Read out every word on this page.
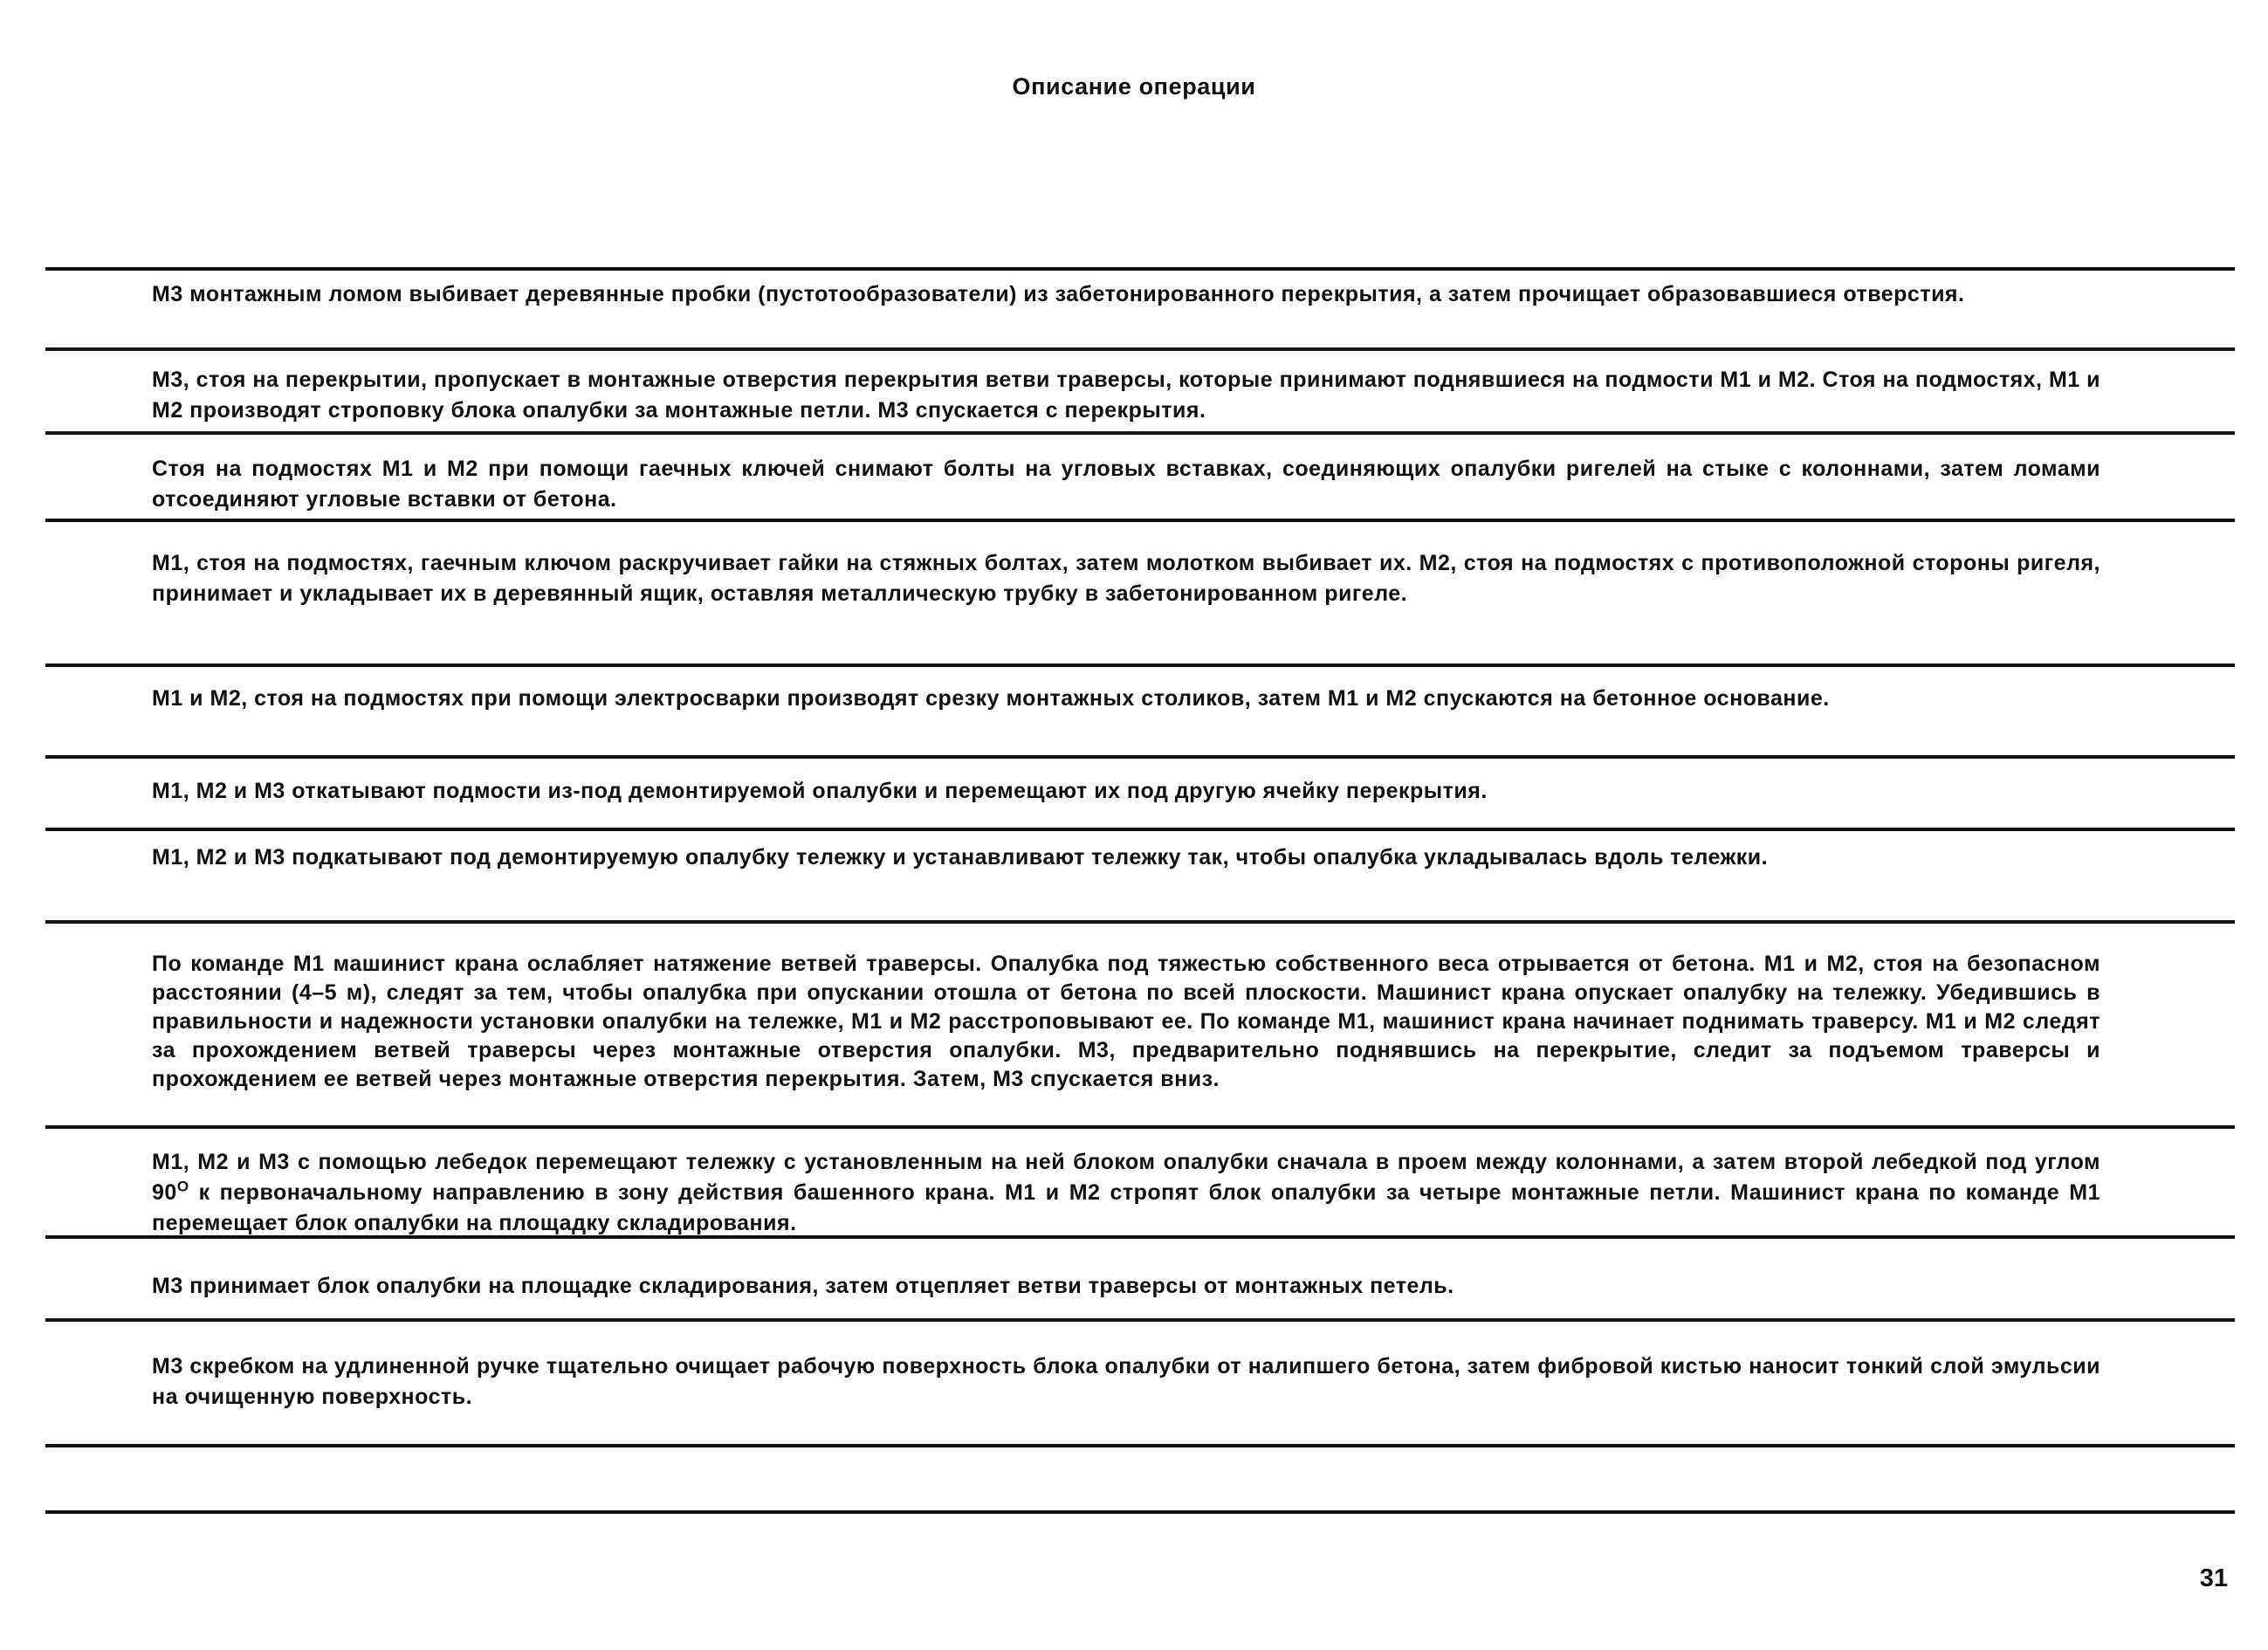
Описание операции
М3 монтажным ломом выбивает деревянные пробки (пустотообразователи) из забетонированного перекрытия, а затем прочищает образовавшиеся отверстия.
М3, стоя на перекрытии, пропускает в монтажные отверстия перекрытия ветви траверсы, которые принимают поднявшиеся на подмости М1 и М2. Стоя на подмостях, М1 и М2 производят строповку блока опалубки за монтажные петли. М3 спускается с перекрытия.
Стоя на подмостях М1 и М2 при помощи гаечных ключей снимают болты на угловых вставках, соединяющих опалубки ригелей на стыке с колоннами, затем ломами отсоединяют угловые вставки от бетона.
М1, стоя на подмостях, гаечным ключом раскручивает гайки на стяжных болтах, затем молотком выбивает их. М2, стоя на подмостях с противоположной стороны ригеля, принимает и укладывает их в деревянный ящик, оставляя металлическую трубку в забетонированном ригеле.
М1 и М2, стоя на подмостях при помощи электросварки производят срезку монтажных столиков, затем М1 и М2 спускаются на бетонное основание.
М1, М2 и М3 откатывают подмости из-под демонтируемой опалубки и перемещают их под другую ячейку перекрытия.
М1, М2 и М3 подкатывают под демонтируемую опалубку тележку и устанавливают тележку так, чтобы опалубка укладывалась вдоль тележки.
По команде М1 машинист крана ослабляет натяжение ветвей траверсы. Опалубка под тяжестью собственного веса отрывается от бетона. М1 и М2, стоя на безопасном расстоянии (4–5 м), следят за тем, чтобы опалубка при опускании отошла от бетона по всей плоскости. Машинист крана опускает опалубку на тележку. Убедившись в правильности и надежности установки опалубки на тележке, М1 и М2 расстроповывают ее. По команде М1, машинист крана начинает поднимать траверсу. М1 и М2 следят за прохождением ветвей траверсы через монтажные отверстия опалубки. М3, предварительно поднявшись на перекрытие, следит за подъемом траверсы и прохождением ее ветвей через монтажные отверстия перекрытия. Затем, М3 спускается вниз.
М1, М2 и М3 с помощью лебедок перемещают тележку с установленным на ней блоком опалубки сначала в проем между колоннами, а затем второй лебедкой под углом $90^О$ к первоначальному направлению в зону действия башенного крана. М1 и М2 стропят блок опалубки за четыре монтажные петли. Машинист крана по команде М1 перемещает блок опалубки на площадку складирования.
М3 принимает блок опалубки на площадке складирования, затем отцепляет ветви траверсы от монтажных петель.
М3 скребком на удлиненной ручке тщательно очищает рабочую поверхность блока опалубки от налипшего бетона, затем фибровой кистью наносит тонкий слой эмульсии на очищенную поверхность.
31
